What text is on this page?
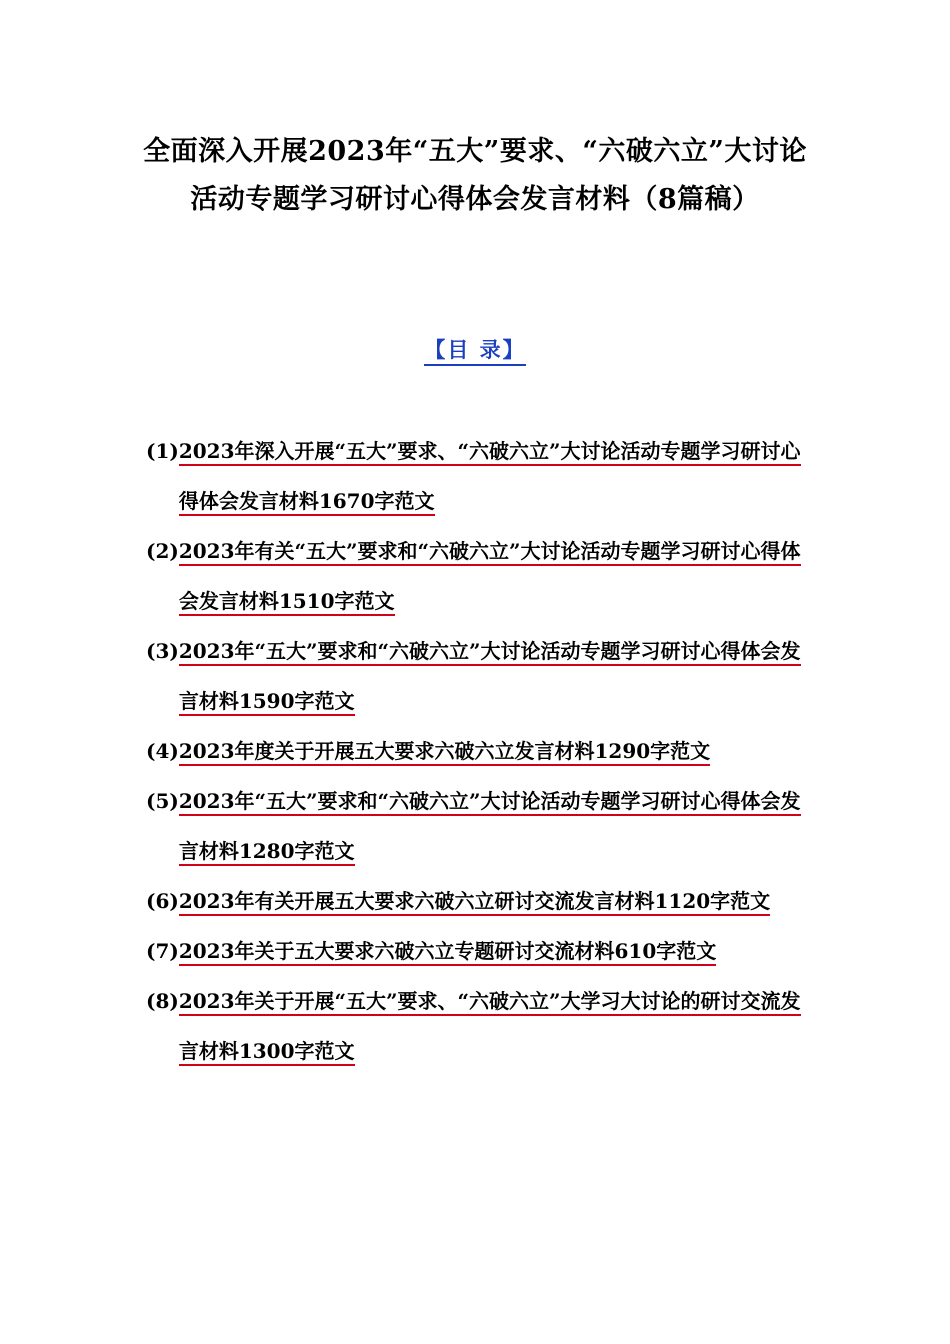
全面深入开展2023年“五大”要求、“六破六立”大讨论活动专题学习研讨心得体会发言材料（8篇稿）
【目 录】
(1) 2023年深入开展“五大”要求、“六破六立”大讨论活动专题学习研讨心得体会发言材料1670字范文
(2) 2023年有关“五大”要求和“六破六立”大讨论活动专题学习研讨心得体会发言材料1510字范文
(3) 2023年“五大”要求和“六破六立”大讨论活动专题学习研讨心得体会发言材料1590字范文
(4) 2023年度关于开展五大要求六破六立发言材料1290字范文
(5) 2023年“五大”要求和“六破六立”大讨论活动专题学习研讨心得体会发言材料1280字范文
(6) 2023年有关开展五大要求六破六立研讨交流发言材料1120字范文
(7) 2023年关于五大要求六破六立专题研讨交流材料610字范文
(8) 2023年关于开展“五大”要求、“六破六立”大学习大讨论的研讨交流发言材料1300字范文
